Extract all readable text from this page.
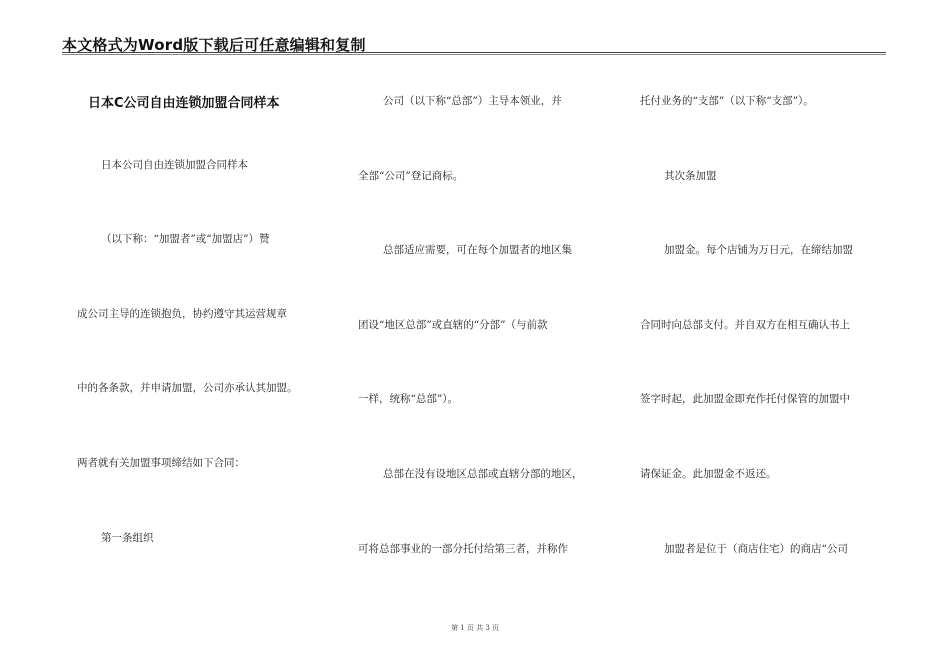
本文格式为Word版下载后可任意编辑和复制
日本C公司自由连锁加盟合同样本
日本公司自由连锁加盟合同样本
（以下称：“加盟者”或“加盟店”）赞
成公司主导的连锁抱负，协约遵守其运营规章
中的各条款，并申请加盟，公司亦承认其加盟。
两者就有关加盟事项缔结如下合同：
第一条组织
公司（以下称“总部”）主导本领业，并
全部“公司”登记商标。
总部适应需要，可在每个加盟者的地区集
团设“地区总部”或直辖的“分部”（与前款
一样，统称“总部”）。
总部在没有设地区总部或直辖分部的地区，
可将总部事业的一部分托付给第三者，并称作
托付业务的“支部”（以下称“支部”）。
其次条加盟
加盟金。每个店铺为万日元，在缔结加盟
合同时向总部支付。并自双方在相互确认书上
签字时起，此加盟金即充作托付保管的加盟中
请保证金。此加盟金不返还。
加盟者是位于（商店住宅）的商店“公司
第 1 页 共 3 页
